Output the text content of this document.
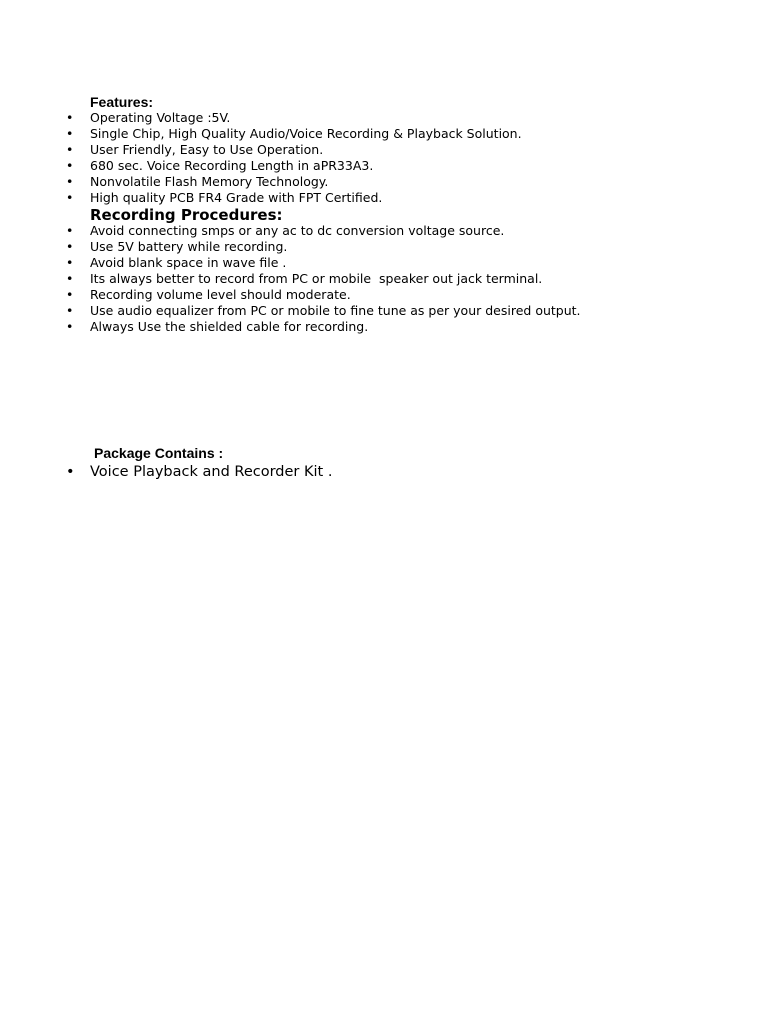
Features:
• Operating Voltage :5V.
• Single Chip, High Quality Audio/Voice Recording & Playback Solution.
• User Friendly, Easy to Use Operation.
• 680 sec. Voice Recording Length in aPR33A3.
• Nonvolatile Flash Memory Technology.
• High quality PCB FR4 Grade with FPT Certified.
Recording Procedures:
• Avoid connecting smps or any ac to dc conversion voltage source.
• Use 5V battery while recording.
• Avoid blank space in wave file .
• Its always better to record from PC or mobile  speaker out jack terminal.
• Recording volume level should moderate.
• Use audio equalizer from PC or mobile to fine tune as per your desired output.
• Always Use the shielded cable for recording.
Package Contains :
• Voice Playback and Recorder Kit .
